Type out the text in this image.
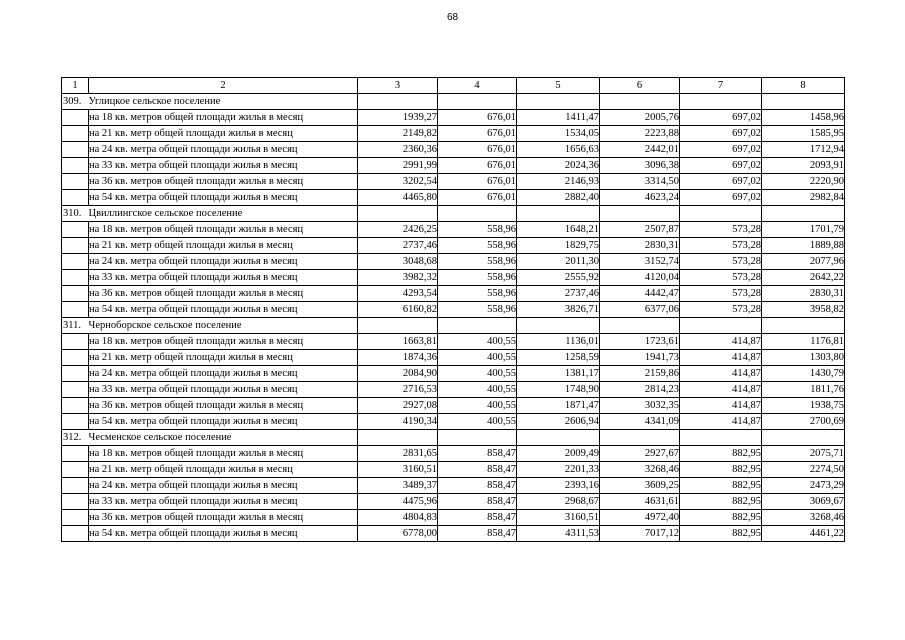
68
1	2	3	4	5	6	7	8
309.	Углицкое сельское поселение						
	на 18 кв. метров общей площади жилья в месяц	1939,27	676,01	1411,47	2005,76	697,02	1458,96
	на 21 кв. метр общей площади жилья в месяц	2149,82	676,01	1534,05	2223,88	697,02	1585,95
	на 24 кв. метра общей площади жилья в месяц	2360,36	676,01	1656,63	2442,01	697,02	1712,94
	на 33 кв. метра общей площади жилья в месяц	2991,99	676,01	2024,36	3096,38	697,02	2093,91
	на 36 кв. метров общей площади жилья в месяц	3202,54	676,01	2146,93	3314,50	697,02	2220,90
	на 54 кв. метра общей площади жилья в месяц	4465,80	676,01	2882,40	4623,24	697,02	2982,84
310.	Цвиллингское сельское поселение						
	на 18 кв. метров общей площади жилья в месяц	2426,25	558,96	1648,21	2507,87	573,28	1701,79
	на 21 кв. метр общей площади жилья в месяц	2737,46	558,96	1829,75	2830,31	573,28	1889,88
	на 24 кв. метра общей площади жилья в месяц	3048,68	558,96	2011,30	3152,74	573,28	2077,96
	на 33 кв. метра общей площади жилья в месяц	3982,32	558,96	2555,92	4120,04	573,28	2642,22
	на 36 кв. метров общей площади жилья в месяц	4293,54	558,96	2737,46	4442,47	573,28	2830,31
	на 54 кв. метра общей площади жилья в месяц	6160,82	558,96	3826,71	6377,06	573,28	3958,82
311.	Черноборское сельское поселение						
	на 18 кв. метров общей площади жилья в месяц	1663,81	400,55	1136,01	1723,61	414,87	1176,81
	на 21 кв. метр общей площади жилья в месяц	1874,36	400,55	1258,59	1941,73	414,87	1303,80
	на 24 кв. метра общей площади жилья в месяц	2084,90	400,55	1381,17	2159,86	414,87	1430,79
	на 33 кв. метра общей площади жилья в месяц	2716,53	400,55	1748,90	2814,23	414,87	1811,76
	на 36 кв. метров общей площади жилья в месяц	2927,08	400,55	1871,47	3032,35	414,87	1938,75
	на 54 кв. метра общей площади жилья в месяц	4190,34	400,55	2606,94	4341,09	414,87	2700,69
312.	Чесменское сельское поселение						
	на 18 кв. метров общей площади жилья в месяц	2831,65	858,47	2009,49	2927,67	882,95	2075,71
	на 21 кв. метр общей площади жилья в месяц	3160,51	858,47	2201,33	3268,46	882,95	2274,50
	на 24 кв. метра общей площади жилья в месяц	3489,37	858,47	2393,16	3609,25	882,95	2473,29
	на 33 кв. метра общей площади жилья в месяц	4475,96	858,47	2968,67	4631,61	882,95	3069,67
	на 36 кв. метров общей площади жилья в месяц	4804,83	858,47	3160,51	4972,40	882,95	3268,46
	на 54 кв. метра общей площади жилья в месяц	6778,00	858,47	4311,53	7017,12	882,95	4461,22
